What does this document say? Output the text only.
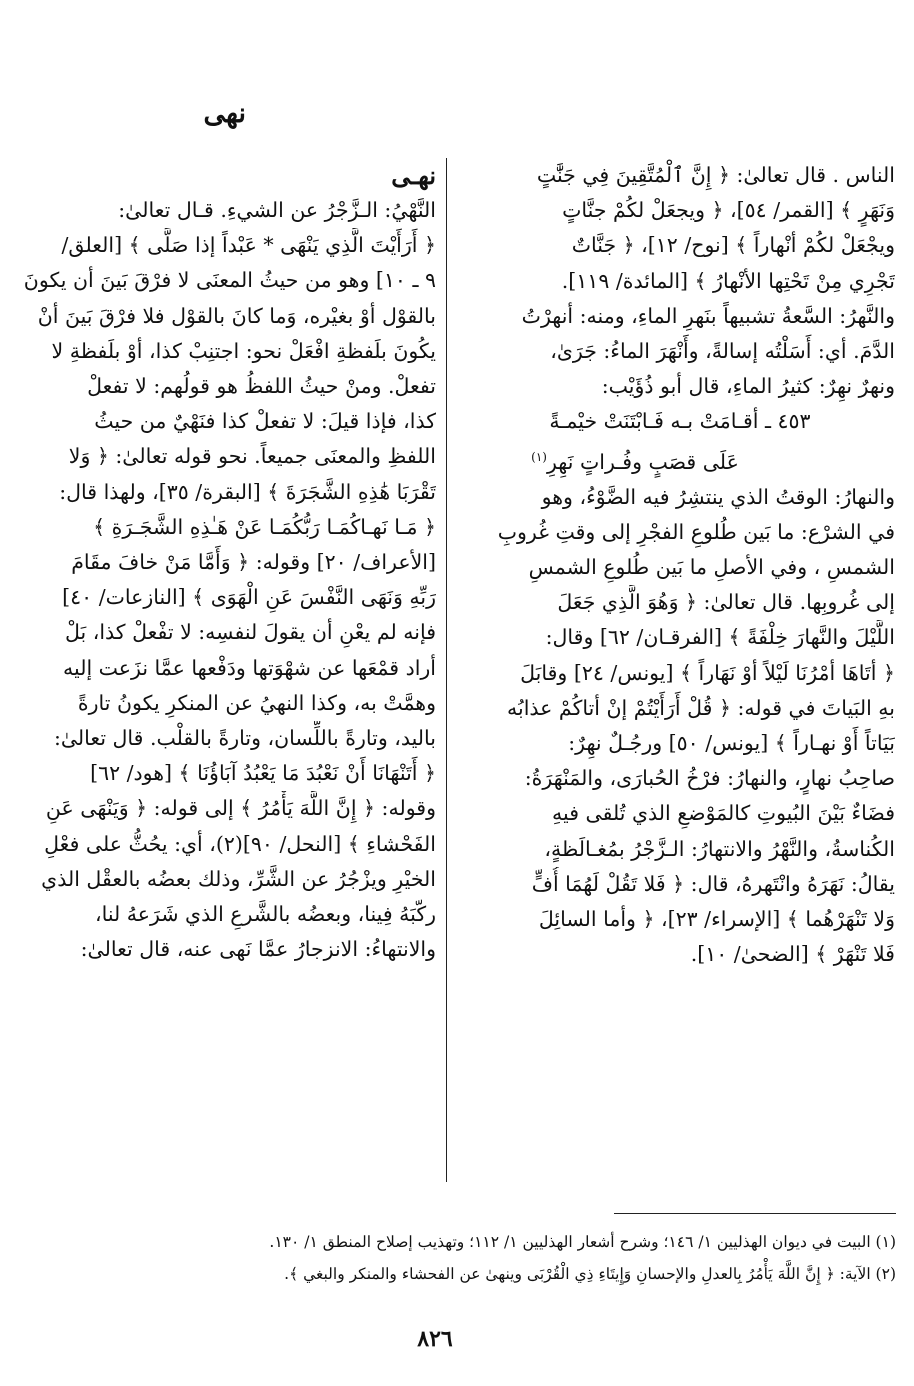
نهى
الناس . قال تعالىٰ: ﴿ إِنَّ ٱلْمُتَّقِينَ فِي جَنَّٰتٍ
وَنَهَرٍ ﴾ [القمر/ ٥٤]، ﴿ ويجعَلْ لكُمْ جنَّاتٍ
ويجْعَلْ لكُمْ أنْهاراً ﴾ [نوح/ ١٢]، ﴿ جَنَّاتٌ
تَجْرِي مِنْ تَحْتِها الأنْهارُ ﴾ [المائدة/ ١١٩].
والنَّهرُ: السَّعةُ تشبيهاً بنَهرِ الماءِ، ومنه: أنهرْتُ
الدَّمَ. أي: أَسَلْتُه إسالةً، وأَنْهَرَ الماءُ: جَرَىٰ،
ونهرٌ نهِرٌ: كثيرُ الماءِ، قال أبو ذُؤَيْب:
٤٥٣ ـ أقـامَتْ بـه فَـابْتَنَتْ خيْمـةً
عَلَى قصَبٍ وفُـراتٍ نَهِرِ$^{(١)}$
والنهارُ: الوقتُ الذي ينتشِرُ فيه الضَّوْءُ، وهو
في الشرْع: ما بَين طُلوعِ الفجْرِ إلى وقتِ غُروبِ
الشمسِ ، وفي الأصلِ ما بَين طُلوعِ الشمسِ
إلى غُروبِها. قال تعالىٰ: ﴿ وَهُوَ الَّذِي جَعَلَ
اللَّيْلَ والنَّهارَ خِلْفَةً ﴾ [الفرقـان/ ٦٢] وقال:
﴿ أتَاهَا أمْرُنَا لَيْلاً أوْ نَهَاراً ﴾ [يونس/ ٢٤] وقابَلَ
بهِ البَياتَ في قوله: ﴿ قُلْ أَرَأَيْتُمْ إنْ أتاكُمْ عذابُه
بَيَاتاً أَوْ نهـاراً ﴾ [يونس/ ٥٠] ورجُـلٌ نهِرٌ:
صاحِبُ نهارٍ، والنهارُ: فرْخُ الحُبارَى، والمَنْهَرَةُ:
فضَاءٌ بَيْنَ البُيوتِ كالمَوْضعِ الذي تُلقى فيهِ
الكُناسةُ، والنَّهْرُ والانتهارُ: الـزَّجْرُ بمُغـالَظةٍ،
يقالُ: نَهَرَهُ وانْتَهرهُ، قال: ﴿ فَلا تَقُلْ لَهُمَا أُفٍّ
وَلا تَنْهَرْهُما ﴾ [الإسراء/ ٢٣]، ﴿ وأما السائِلَ
فَلا تَنْهَرْ ﴾ [الضحىٰ/ ١٠].
نهـى
النَّهْيُ: الـزَّجْرُ عن الشيءِ. قـال تعالىٰ:
﴿ أَرَأَيْتَ الَّذِي يَنْهَى * عَبْداً إذا صَلَّى ﴾ [العلق/
٩ ـ ١٠] وهو من حيثُ المعنَى لا فرْقَ بَينَ أن يكونَ
بالقوْل أوْ بغيْره، وَما كانَ بالقوْل فلا فرْقَ بَينَ أنْ
يكُونَ بلَفظةِ افْعَلْ نحو: اجتنِبْ كذا، أوْ بلَفظةِ لا
تفعلْ. ومنْ حيثُ اللفظُ هو قولُهم: لا تفعلْ
كذا، فإذا قيلَ: لا تفعلْ كذا فنَهْيٌ من حيثُ
اللفظِ والمعنَى جميعاً. نحو قوله تعالىٰ: ﴿ وَلا
تَقْرَبَا هَٰذِهِ الشَّجَرَةَ ﴾ [البقرة/ ٣٥]، ولهذا قال:
﴿ مَـا نَهـاكُمَـا رَبُّكُمَـا عَنْ هَـٰذِهِ الشَّجَـرَةِ ﴾
[الأعراف/ ٢٠] وقوله: ﴿ وَأَمَّا مَنْ خافَ مقَامَ
رَبِّهِ وَنَهَى النَّفْسَ عَنِ الْهَوَى ﴾ [النازعات/ ٤٠]
فإنه لم يعْنِ أن يقولَ لنفسِه: لا تفْعلْ كذا، بَلْ
أراد قمْعَها عن شهْوَتها ودَفْعها عمَّا نزَعت إليه
وهمَّتْ به، وكذا النهيُ عن المنكرِ يكونُ تارةً
باليد، وتارةً باللِّسان، وتارةً بالقلْب. قال تعالىٰ:
﴿ أَتَنْهَانَا أَنْ نَعْبُدَ مَا يَعْبُدُ آبَاؤُنَا ﴾ [هود/ ٦٢]
وقوله: ﴿ إِنَّ اللَّهَ يَأْمُرُ ﴾ إلى قوله: ﴿ وَيَنْهَى عَنِ
الفَحْشاءِ ﴾ [النحل/ ٩٠](٢)، أي: يحُثُّ على فعْلِ
الخيْرِ ويزْجُرُ عن الشَّرِّ، وذلك بعضُه بالعقْل الذي
ركّبَهُ فِينا، وبعضُه بالشَّرعِ الذي شَرَعهُ لنا،
والانتهاءُ: الانزجارُ عمَّا نَهى عنه، قال تعالىٰ:
(١) البيت في ديوان الهذليين ١/ ١٤٦؛ وشرح أشعار الهذليين ١/ ١١٢؛ وتهذيب إصلاح المنطق ١/ ١٣٠.
(٢) الآية: ﴿ إِنَّ اللَّهَ يَأْمُرُ بِالعدلِ والإحسانِ وَإِيتَاءِ ذِي الْقُرْبَى وينهىٰ عن الفحشاء والمنكر والبغي ﴾.
٨٢٦
